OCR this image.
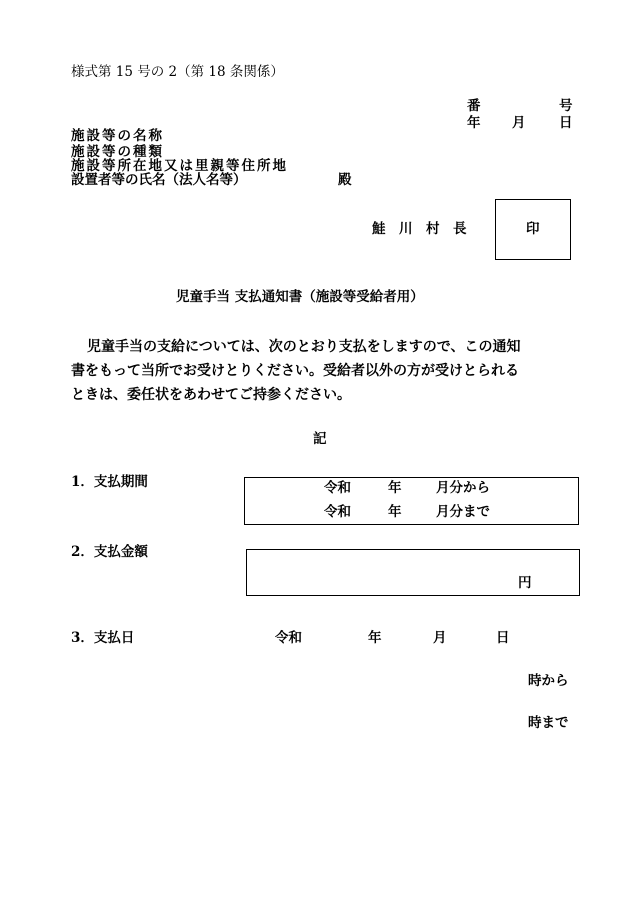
様式第 15 号の 2（第 18 条関係）
番	号
年 月 日
施設等の名称
施設等の種類
施設等所在地又は里親等住所地
設置者等の氏名（法人名等）	殿
鮭　川　村　長	印
児童手当 支払通知書（施設等受給者用）
児童手当の支給については、次のとおり支払をしますので、この通知
書をもって当所でお受けとりください。受給者以外の方が受けとられる
ときは、委任状をあわせてご持参ください。
記
1．支払期間	令和	年	月分から
令和	年	月分まで
2．支払金額
円
3．支払日	令和	年	月	日
時から
時まで
